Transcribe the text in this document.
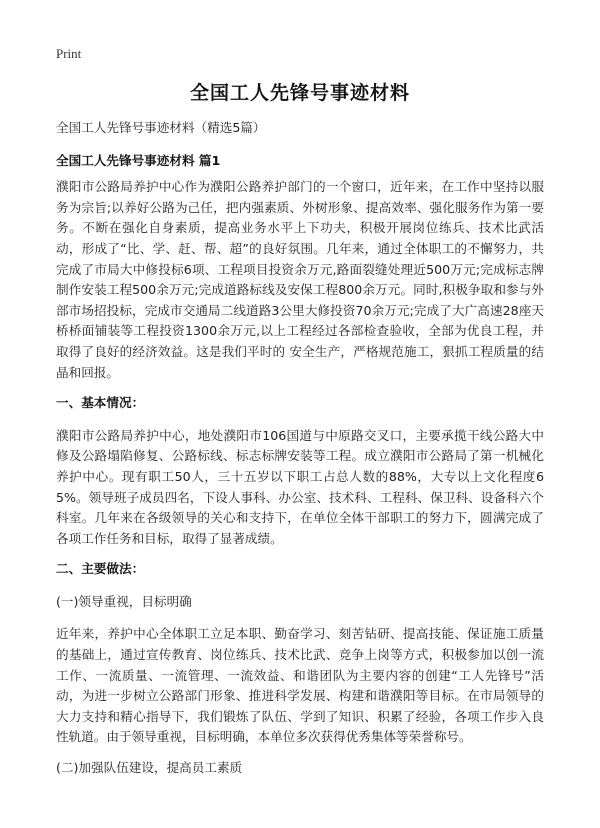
Print

全国工人先锋号事迹材料

全国工人先锋号事迹材料（精选5篇）

全国工人先锋号事迹材料 篇1

濮阳市公路局养护中心作为濮阳公路养护部门的一个窗口，近年来，在工作中坚持以服务为宗旨;以养好公路为己任，把内强素质、外树形象、提高效率、强化服务作为第一要务。不断在强化自身素质，提高业务水平上下功夫，积极开展岗位练兵、技术比武活动，形成了“比、学、赶、帮、超”的良好氛围。几年来，通过全体职工的不懈努力，共完成了市局大中修投标6项、工程项目投资余万元,路面裂缝处理近500万元;完成标志牌制作安装工程500余万元;完成道路标线及安保工程800余万元。同时,积极争取和参与外部市场招投标，完成市交通局二线道路3公里大修投资70余万元;完成了大广高速28座天桥桥面铺装等工程投资1300余万元,以上工程经过各部检查验收，全部为优良工程，并取得了良好的经济效益。这是我们平时的 安全生产，严格规范施工，狠抓工程质量的结晶和回报。

一、基本情况：

濮阳市公路局养护中心，地处濮阳市106国道与中原路交叉口，主要承揽干线公路大中修及公路塌陷修复、公路标线、标志标牌安装等工程。成立濮阳市公路局了第一机械化养护中心。现有职工50人，三十五岁以下职工占总人数的88%，大专以上文化程度65%。领导班子成员四名，下设人事科、办公室、技术科、工程科、保卫科、设备科六个科室。几年来在各级领导的关心和支持下，在单位全体干部职工的努力下，圆满完成了各项工作任务和目标，取得了显著成绩。

二、主要做法：

(一)领导重视，目标明确

近年来，养护中心全体职工立足本职、勤奋学习、刻苦钻研、提高技能、保证施工质量的基础上，通过宣传教育、岗位练兵、技术比武、竞争上岗等方式，积极参加以创一流工作、一流质量、一流管理、一流效益、和谐团队为主要内容的创建“工人先锋号”活动，为进一步树立公路部门形象、推进科学发展、构建和谐濮阳等目标。在市局领导的大力支持和精心指导下，我们锻炼了队伍、学到了知识、积累了经验，各项工作步入良性轨道。由于领导重视，目标明确，本单位多次获得优秀集体等荣誉称号。

(二)加强队伍建设，提高员工素质
